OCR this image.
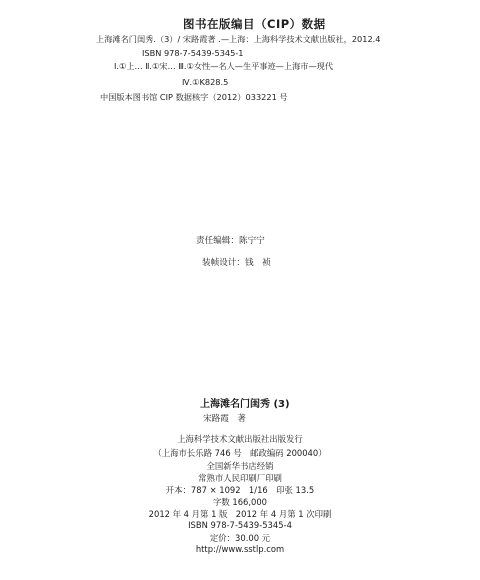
图书在版编目（CIP）数据
上海滩名门闺秀.（3）/ 宋路霞著 .—上海：上海科学技术文献出版社，2012.4
ISBN 978-7-5439-5345-1
Ⅰ.①上… Ⅱ.①宋… Ⅲ.①女性—名人—生平事迹—上海市—现代
Ⅳ.①K828.5
中国版本图书馆 CIP 数据核字（2012）033221 号
责任编辑：陈宁宁
装帧设计：钱　祯
上海滩名门闺秀 (3)
宋路霞　著
上海科学技术文献出版社出版发行
（上海市长乐路 746 号　邮政编码 200040）
全国新华书店经销
常熟市人民印刷厂印刷
开本：787 × 1092　1/16　印张 13.5
字数 166,000
2012 年 4 月第 1 版　2012 年 4 月第 1 次印刷
ISBN 978-7-5439-5345-4
定价：30.00 元
http://www.sstlp.com
